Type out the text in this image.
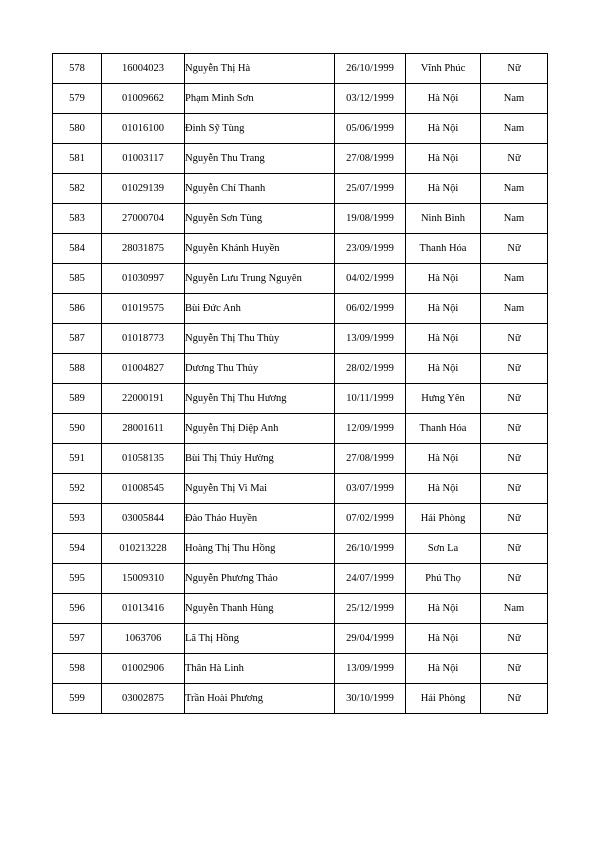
578	16004023	Nguyễn Thị Hà	26/10/1999	Vĩnh Phúc	Nữ
579	01009662	Phạm Minh Sơn	03/12/1999	Hà Nội	Nam
580	01016100	Đinh Sỹ Tùng	05/06/1999	Hà Nội	Nam
581	01003117	Nguyễn Thu Trang	27/08/1999	Hà Nội	Nữ
582	01029139	Nguyễn Chí Thanh	25/07/1999	Hà Nội	Nam
583	27000704	Nguyễn Sơn Tùng	19/08/1999	Ninh Bình	Nam
584	28031875	Nguyễn Khánh Huyền	23/09/1999	Thanh Hóa	Nữ
585	01030997	Nguyễn Lưu Trung Nguyên	04/02/1999	Hà Nội	Nam
586	01019575	Bùi Đức Anh	06/02/1999	Hà Nội	Nam
587	01018773	Nguyễn Thị Thu Thùy	13/09/1999	Hà Nội	Nữ
588	01004827	Dương Thu Thủy	28/02/1999	Hà Nội	Nữ
589	22000191	Nguyễn Thị Thu Hương	10/11/1999	Hưng Yên	Nữ
590	28001611	Nguyễn Thị Diệp Anh	12/09/1999	Thanh Hóa	Nữ
591	01058135	Bùi Thị Thúy Hường	27/08/1999	Hà Nội	Nữ
592	01008545	Nguyễn Thị Vi Mai	03/07/1999	Hà Nội	Nữ
593	03005844	Đào Thảo Huyền	07/02/1999	Hải Phòng	Nữ
594	010213228	Hoàng Thị Thu Hồng	26/10/1999	Sơn La	Nữ
595	15009310	Nguyễn Phương Thảo	24/07/1999	Phú Thọ	Nữ
596	01013416	Nguyễn Thanh Hùng	25/12/1999	Hà Nội	Nam
597	1063706	Lã Thị Hồng	29/04/1999	Hà Nội	Nữ
598	01002906	Thân Hà Linh	13/09/1999	Hà Nội	Nữ
599	03002875	Trần Hoài Phương	30/10/1999	Hải Phòng	Nữ
